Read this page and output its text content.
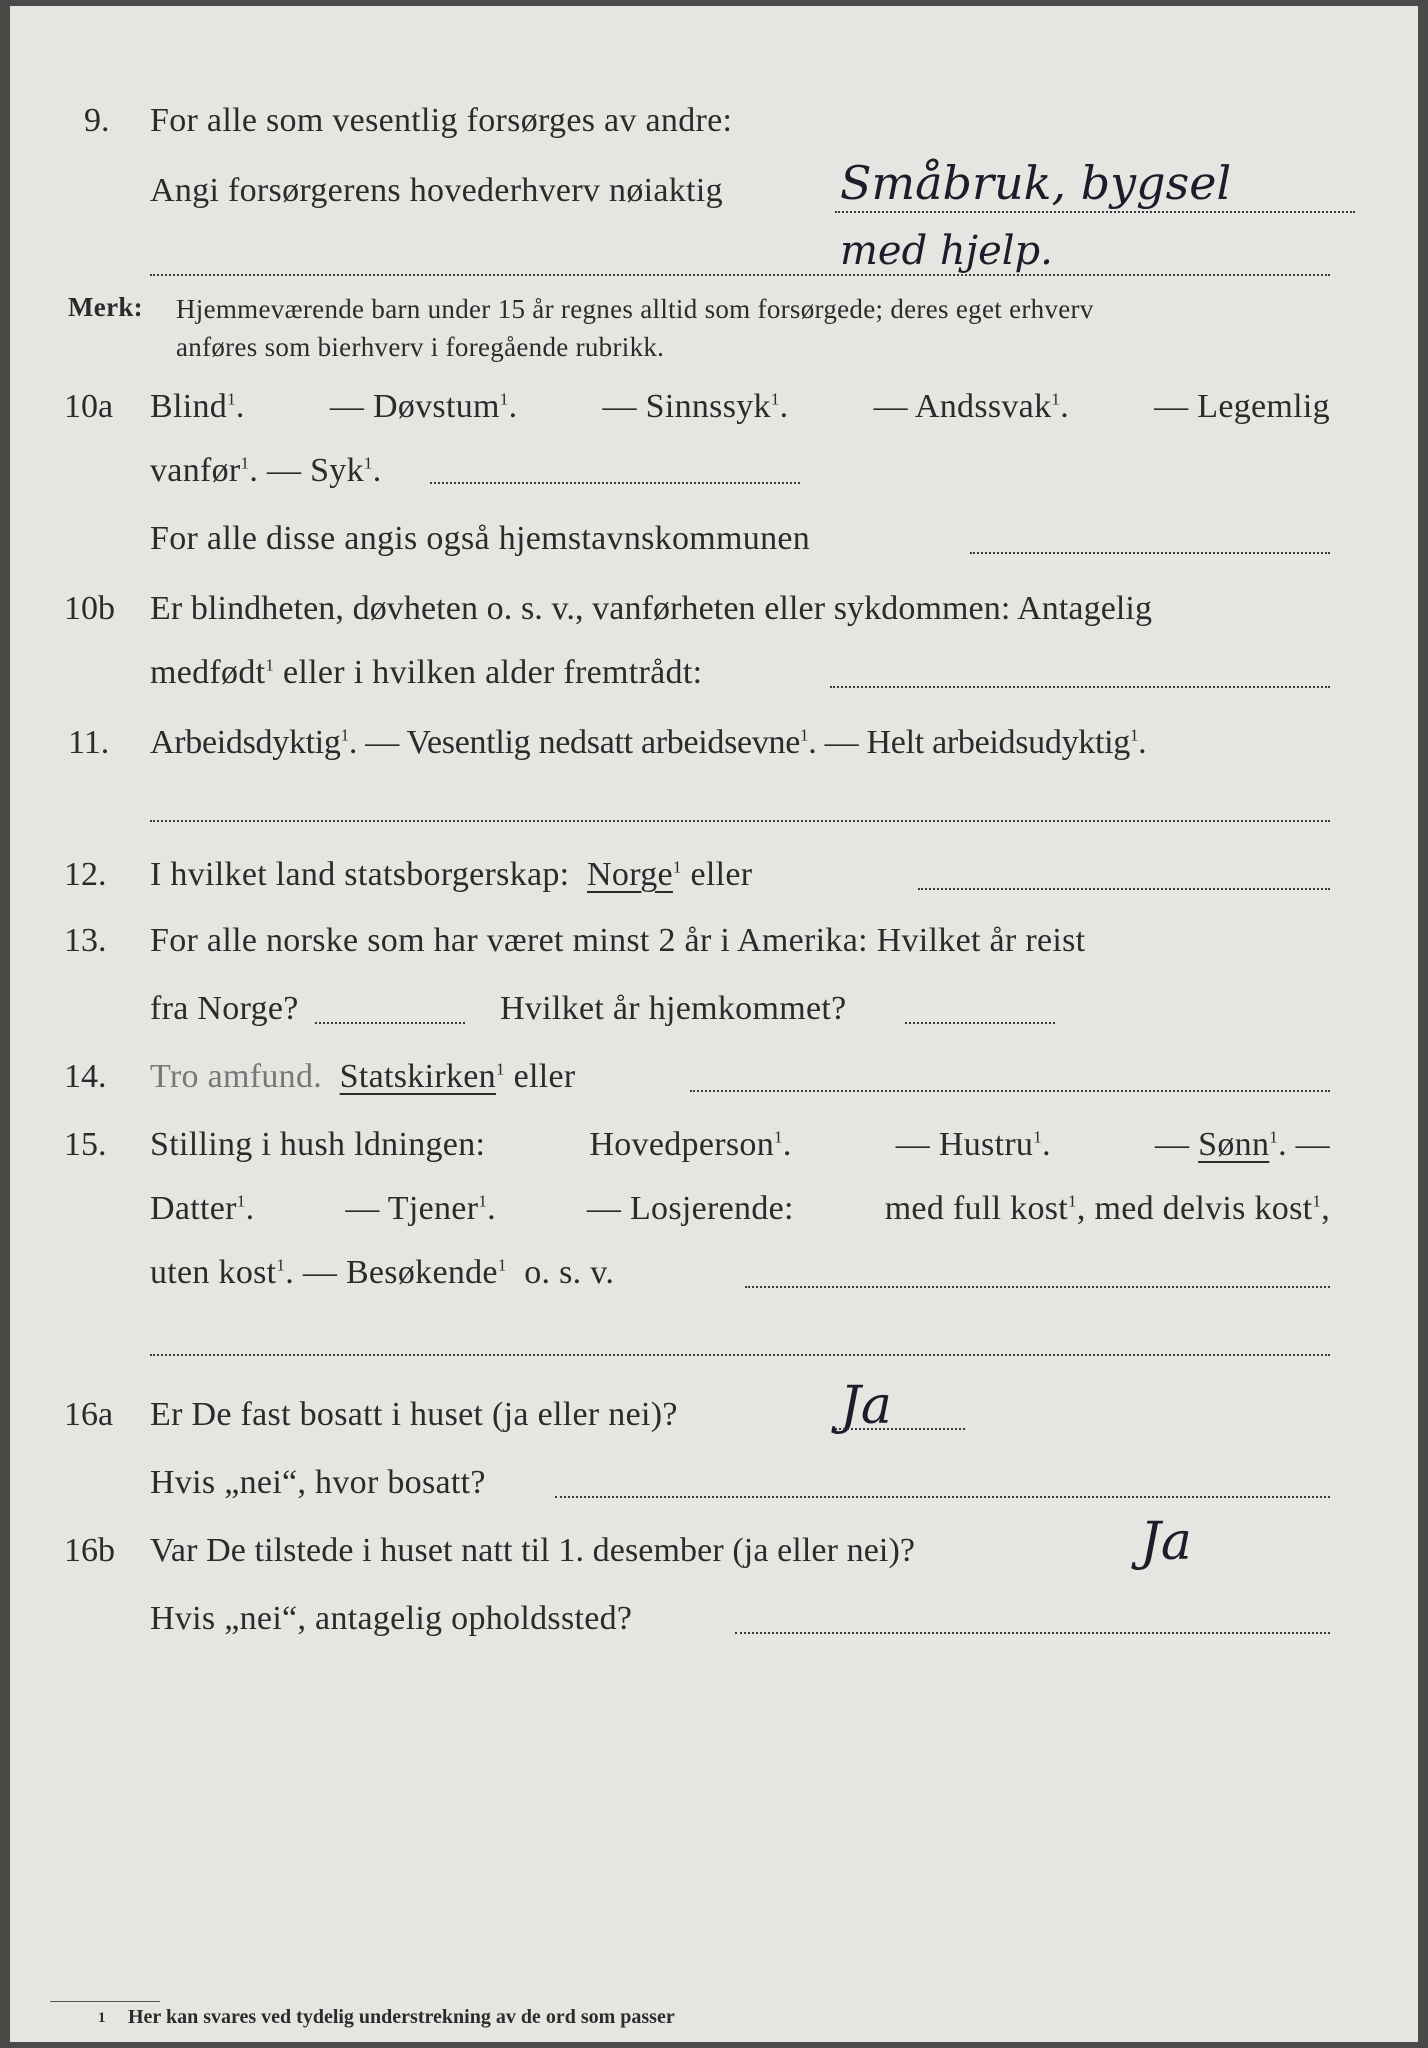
9. For alle som vesentlig forsørges av andre:
Angi forsørgerens hovederhverv nøiaktig	Småbruk, bygsel
med hjelp.
Merk: Hjemmeværende barn under 15 år regnes alltid som forsørgede; deres eget erhverv
anføres som bierhverv i foregående rubrikk.
10a Blind$^1$.	— Døvstum$^1$.	— Sinnssyk$^1$.	— Andssvak$^1$.	— Legemlig
vanfør$^1$. — Syk$^1$.
For alle disse angis også hjemstavnskommunen
10b Er blindheten, døvheten o. s. v., vanførheten eller sykdommen: Antagelig
medfødt$^1$ eller i hvilken alder fremtrådt:
11. Arbeidsdyktig$^1$. — Vesentlig nedsatt arbeidsevne$^1$. — Helt arbeidsudyktig$^1$.
12. I hvilket land statsborgerskap: Norge$^1$ eller
13. For alle norske som har været minst 2 år i Amerika: Hvilket år reist
fra Norge?	Hvilket år hjemkommet?
14. Tro amfund. Statskirken$^1$ eller
15. Stilling i hush ldningen:	Hovedperson$^1$.	— Hustru$^1$.	— Sønn$^1$. —
Datter$^1$.	— Tjener$^1$.	— Losjerende:	med full kost$^1$, med delvis kost$^1$,
uten kost$^1$. — Besøkende$^1$ o. s. v.
16a Er De fast bosatt i huset (ja eller nei)?	Ja
Hvis „nei“, hvor bosatt?
16b Var De tilstede i huset natt til 1. desember (ja eller nei)?	Ja
Hvis „nei“, antagelig opholdssted?
1 Her kan svares ved tydelig understrekning av de ord som passer
